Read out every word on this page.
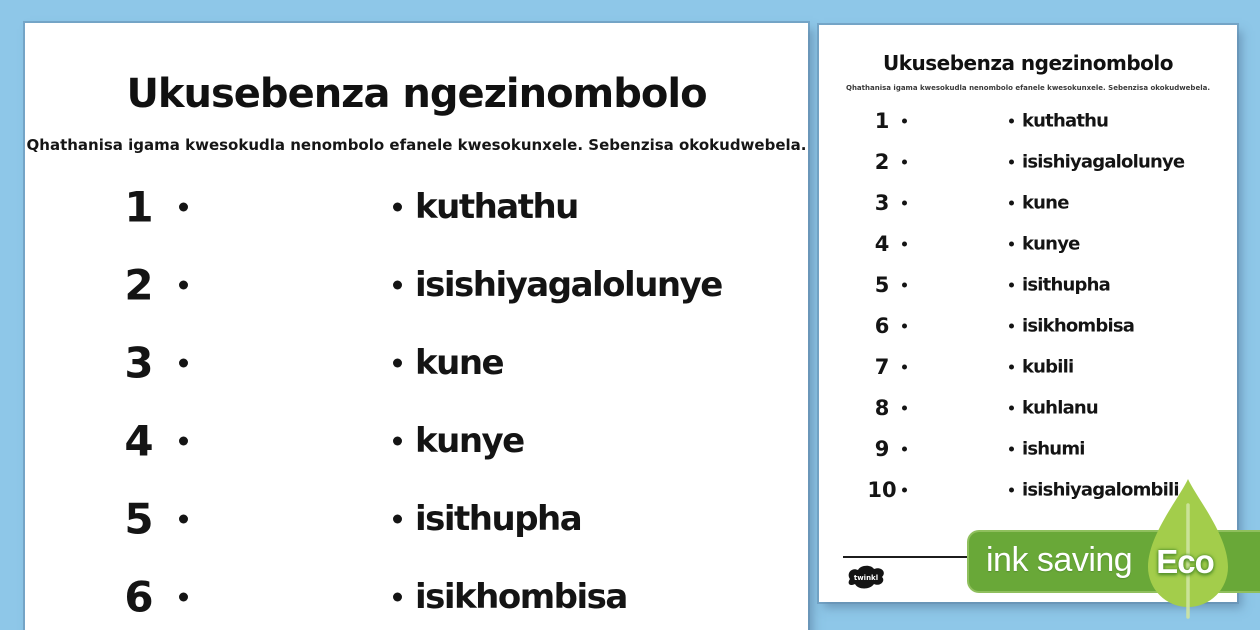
Ukusebenza ngezinombolo
Qhathanisa igama kwesokudla nenombolo efanele kwesokunxele. Sebenzisa okokudwebela.
1	kuthathu
2	isishiyagalolunye
3	kune
4	kunye
5	isithupha
6	isikhombisa
Ukusebenza ngezinombolo
Qhathanisa igama kwesokudla nenombolo efanele kwesokunxele. Sebenzisa okokudwebela.
1	kuthathu
2	isishiyagalolunye
3	kune
4	kunye
5	isithupha
6	isikhombisa
7	kubili
8	kuhlanu
9	ishumi
10	isishiyagalombili
twinkl	ink saving Eco
